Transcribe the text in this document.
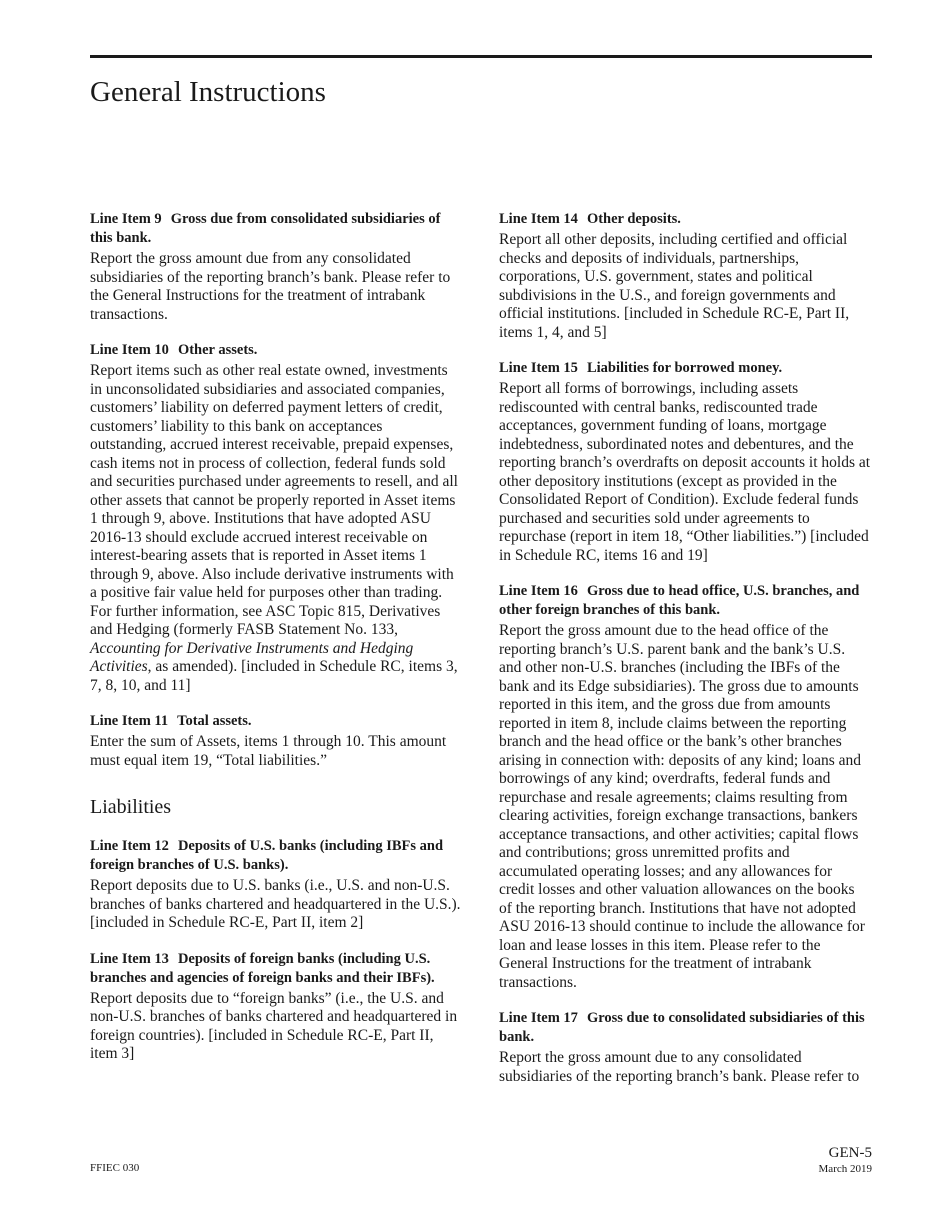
General Instructions

Line Item 9 Gross due from consolidated subsidiaries of this bank.

Report the gross amount due from any consolidated subsidiaries of the reporting branch’s bank. Please refer to the General Instructions for the treatment of intrabank transactions.

Line Item 10 Other assets.

Report items such as other real estate owned, investments in unconsolidated subsidiaries and associated companies, customers’ liability on deferred payment letters of credit, customers’ liability to this bank on acceptances outstanding, accrued interest receivable, prepaid expenses, cash items not in process of collection, federal funds sold and securities purchased under agreements to resell, and all other assets that cannot be properly reported in Asset items 1 through 9, above. Institutions that have adopted ASU 2016-13 should exclude accrued interest receivable on interest-bearing assets that is reported in Asset items 1 through 9, above. Also include derivative instruments with a positive fair value held for purposes other than trading. For further information, see ASC Topic 815, Derivatives and Hedging (formerly FASB Statement No. 133, Accounting for Derivative Instruments and Hedging Activities, as amended). [included in Schedule RC, items 3, 7, 8, 10, and 11]

Line Item 11 Total assets.

Enter the sum of Assets, items 1 through 10. This amount must equal item 19, “Total liabilities.”

Liabilities

Line Item 12 Deposits of U.S. banks (including IBFs and foreign branches of U.S. banks).

Report deposits due to U.S. banks (i.e., U.S. and non-U.S. branches of banks chartered and headquartered in the U.S.). [included in Schedule RC-E, Part II, item 2]

Line Item 13 Deposits of foreign banks (including U.S. branches and agencies of foreign banks and their IBFs).

Report deposits due to “foreign banks” (i.e., the U.S. and non-U.S. branches of banks chartered and headquartered in foreign countries). [included in Schedule RC-E, Part II, item 3]

Line Item 14 Other deposits.

Report all other deposits, including certified and official checks and deposits of individuals, partnerships, corporations, U.S. government, states and political subdivisions in the U.S., and foreign governments and official institutions. [included in Schedule RC-E, Part II, items 1, 4, and 5]

Line Item 15 Liabilities for borrowed money.

Report all forms of borrowings, including assets rediscounted with central banks, rediscounted trade acceptances, government funding of loans, mortgage indebtedness, subordinated notes and debentures, and the reporting branch’s overdrafts on deposit accounts it holds at other depository institutions (except as provided in the Consolidated Report of Condition). Exclude federal funds purchased and securities sold under agreements to repurchase (report in item 18, “Other liabilities.”) [included in Schedule RC, items 16 and 19]

Line Item 16 Gross due to head office, U.S. branches, and other foreign branches of this bank.

Report the gross amount due to the head office of the reporting branch’s U.S. parent bank and the bank’s U.S. and other non-U.S. branches (including the IBFs of the bank and its Edge subsidiaries). The gross due to amounts reported in this item, and the gross due from amounts reported in item 8, include claims between the reporting branch and the head office or the bank’s other branches arising in connection with: deposits of any kind; loans and borrowings of any kind; overdrafts, federal funds and repurchase and resale agreements; claims resulting from clearing activities, foreign exchange transactions, bankers acceptance transactions, and other activities; capital flows and contributions; gross unremitted profits and accumulated operating losses; and any allowances for credit losses and other valuation allowances on the books of the reporting branch. Institutions that have not adopted ASU 2016-13 should continue to include the allowance for loan and lease losses in this item. Please refer to the General Instructions for the treatment of intrabank transactions.

Line Item 17 Gross due to consolidated subsidiaries of this bank.

Report the gross amount due to any consolidated subsidiaries of the reporting branch’s bank. Please refer to

FFIEC 030
GEN-5
March 2019
